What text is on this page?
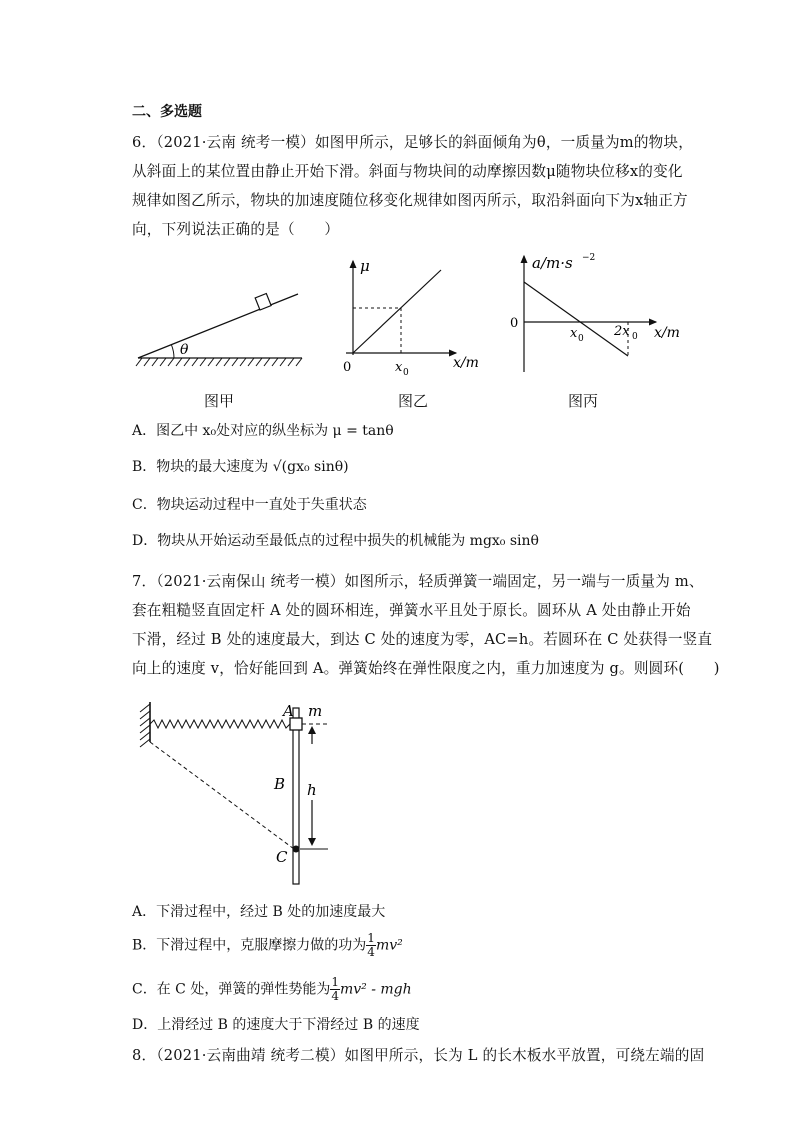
二、多选题
6．（2021·云南 统考一模）如图甲所示，足够长的斜面倾角为θ，一质量为m的物块，
从斜面上的某位置由静止开始下滑。斜面与物块间的动摩擦因数μ随物块位移x的变化
规律如图乙所示，物块的加速度随位移变化规律如图丙所示，取沿斜面向下为x轴正方
向，下列说法正确的是（　　）
θ
图甲
μ
0	x 0
x/m
图乙
a/m·s −2
0
x 0 2x 0 x/m
图丙
A．图乙中 x₀处对应的纵坐标为 μ = tanθ
B．物块的最大速度为 √(gx₀ sinθ)
C．物块运动过程中一直处于失重状态
D．物块从开始运动至最低点的过程中损失的机械能为 mgx₀ sinθ
7．（2021·云南保山 统考一模）如图所示，轻质弹簧一端固定，另一端与一质量为 m、
套在粗糙竖直固定杆 A 处的圆环相连，弹簧水平且处于原长。圆环从 A 处由静止开始
下滑，经过 B 处的速度最大，到达 C 处的速度为零，AC=h。若圆环在 C 处获得一竖直
向上的速度 v，恰好能回到 A。弹簧始终在弹性限度之内，重力加速度为 g。则圆环(　　)
A m
B h
C
A．下滑过程中，经过 B 处的加速度最大
B．下滑过程中，克服摩擦力做的功为 $\frac{1}{4} mv^2$
C．在 C 处，弹簧的弹性势能为 $\frac{1}{4} mv^2$ - mgh
D．上滑经过 B 的速度大于下滑经过 B 的速度
8．（2021·云南曲靖 统考二模）如图甲所示，长为 L 的长木板水平放置，可绕左端的固
